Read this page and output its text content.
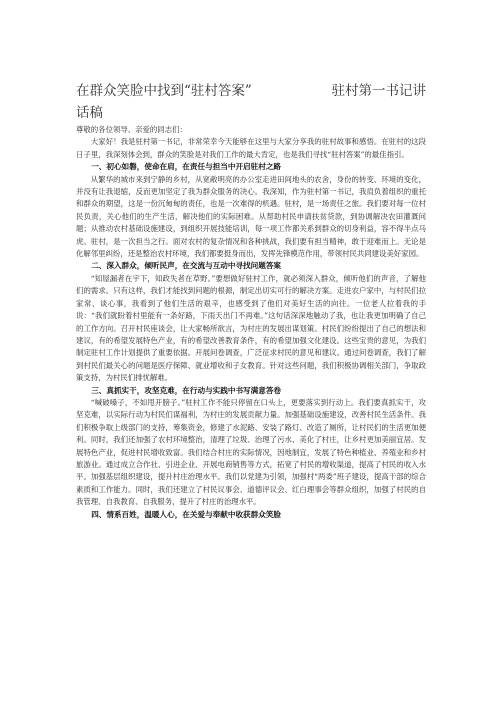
在群众笑脸中找到“驻村答案”	驻村第一书记讲
话稿

尊敬的各位领导、亲爱的同志们：

大家好！我是驻村第一书记，非常荣幸今天能够在这里与大家分享我的驻村故事和感悟。在驻村的这段日子里，我深刻体会到，群众的笑脸是对我们工作的最大肯定，也是我们寻找“驻村答案”的最佳指引。

一、初心如磐，使命在肩，在责任与担当中开启驻村之路

从繁华的城市来到宁静的乡村，从宽敞明亮的办公室走进田间地头的农舍，身份的转变、环境的变化，并没有让我退缩，反而更加坚定了我为群众服务的决心。我深知，作为驻村第一书记，我肩负着组织的重托和群众的期望，这是一份沉甸甸的责任，也是一次难得的机遇。驻村，是一场责任之旅。我们要对每一位村民负责，关心他们的生产生活，解决他们的实际困难。从帮助村民申请扶贫贷款，到协调解决农田灌溉问题；从推动农村基础设施建设，到组织开展技能培训，每一项工作都关系到群众的切身利益，容不得半点马虎。驻村，是一次担当之行。面对农村的复杂情况和各种挑战，我们要有担当精神，敢于迎难而上。无论是化解邻里纠纷，还是整治农村环境，我们都要挺身而出，发挥先锋模范作用，带领村民共同建设美好家园。

二、深入群众，倾听民声，在交流与互动中寻找问题答案

“知屋漏者在宇下，知政失者在草野。”要想做好驻村工作，就必须深入群众，倾听他们的声音，了解他们的需求。只有这样，我们才能找到问题的根源，制定出切实可行的解决方案。走进农户家中，与村民们拉家常、谈心事，我看到了他们生活的艰辛，也感受到了他们对美好生活的向往。一位老人拉着我的手说：“我们就盼着村里能有一条好路，下雨天出门不再难。”这句话深深地触动了我，也让我更加明确了自己的工作方向。召开村民座谈会，让大家畅所欲言，为村庄的发展出谋划策。村民们纷纷提出了自己的想法和建议，有的希望发展特色产业，有的希望改善教育条件，有的希望加强文化建设。这些宝贵的意见，为我们制定驻村工作计划提供了重要依据。开展问卷调查，广泛征求村民的意见和建议。通过问卷调查，我们了解到村民们最关心的问题是医疗保障、就业增收和子女教育。针对这些问题，我们积极协调相关部门，争取政策支持，为村民们排忧解难。

三、真抓实干，攻坚克难，在行动与实践中书写满意答卷

“喊破嗓子，不如甩开膀子。”驻村工作不能只停留在口头上，更要落实到行动上。我们要真抓实干，攻坚克难，以实际行动为村民们谋福利，为村庄的发展贡献力量。加强基础设施建设，改善村民生活条件。我们积极争取上级部门的支持，筹集资金，修建了水泥路、安装了路灯、改造了厕所，让村民们的生活更加便利。同时，我们还加强了农村环境整治，清理了垃圾、治理了污水、美化了村庄，让乡村更加美丽宜居。发展特色产业，促进村民增收致富。我们结合村庄的实际情况，因地制宜，发展了特色种植业、养殖业和乡村旅游业。通过成立合作社、引进企业、开展电商销售等方式，拓宽了村民的增收渠道，提高了村民的收入水平。加强基层组织建设，提升村庄治理水平。我们以党建为引领，加强村“两委”班子建设，提高干部的综合素质和工作能力。同时，我们还建立了村民议事会、道德评议会、红白理事会等群众组织，加强了村民的自我管理、自我教育、自我服务，提升了村庄的治理水平。

四、情系百姓，温暖人心，在关爱与奉献中收获群众笑脸
